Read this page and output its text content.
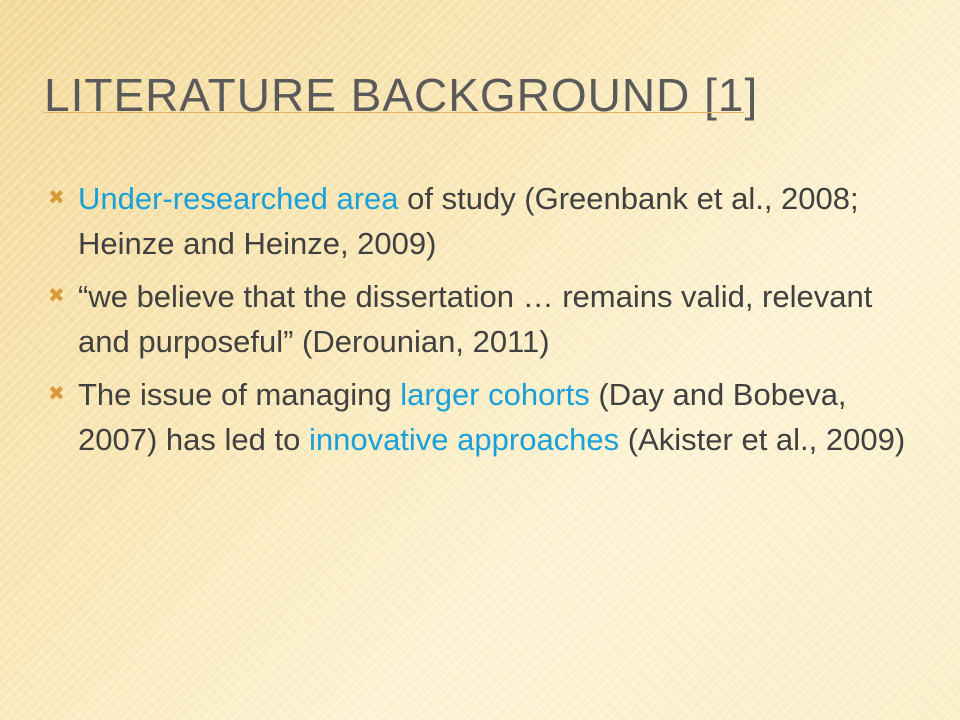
LITERATURE BACKGROUND [1]
✖ Under-researched area of study (Greenbank et al., 2008; Heinze and Heinze, 2009)
✖ “we believe that the dissertation … remains valid, relevant and purposeful” (Derounian, 2011)
✖ The issue of managing larger cohorts (Day and Bobeva, 2007) has led to innovative approaches (Akister et al., 2009)
